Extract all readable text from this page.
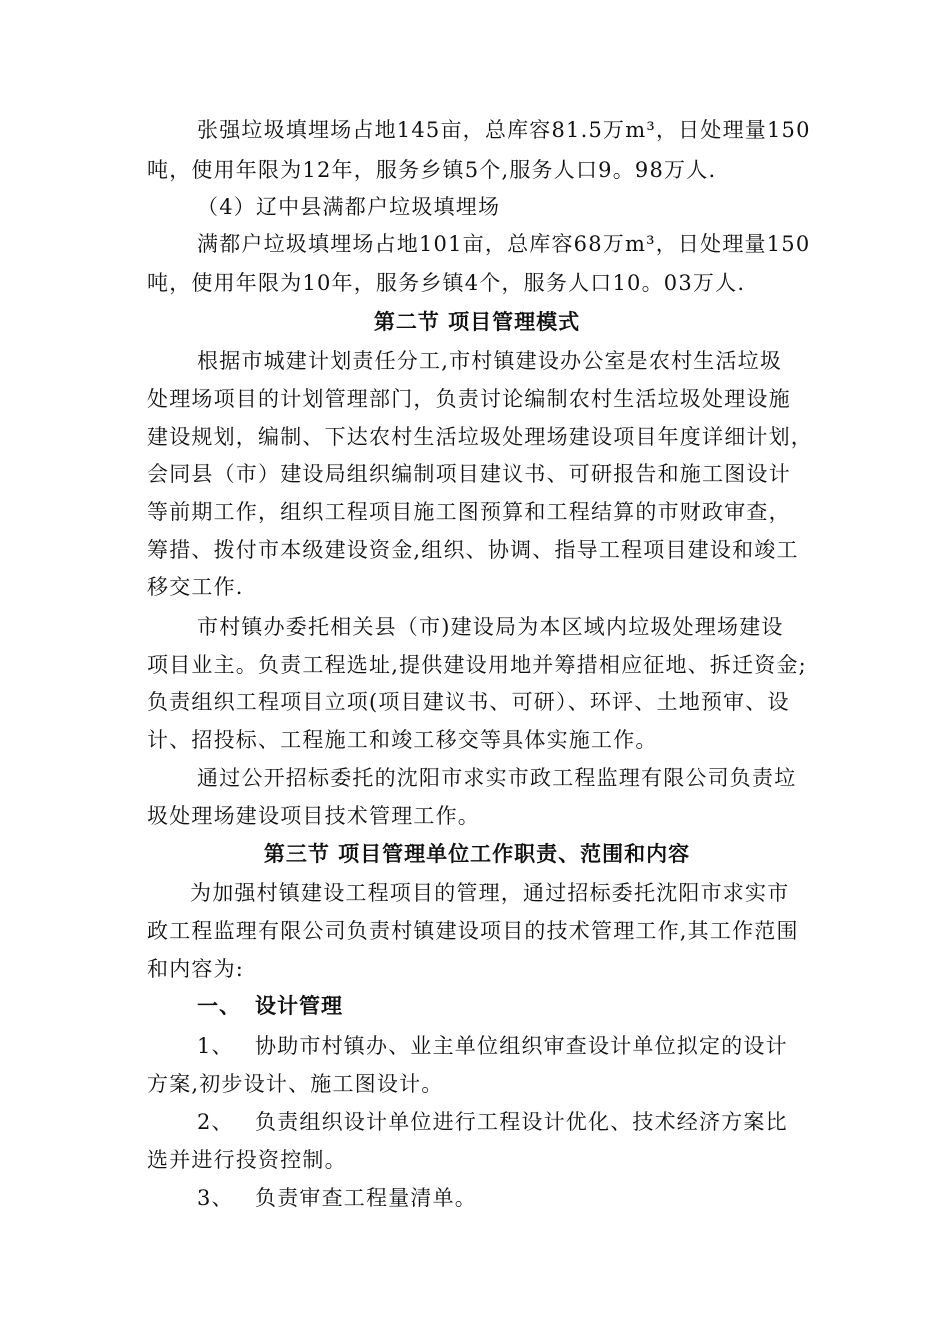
张强垃圾填埋场占地145亩，总库容81.5万m³，日处理量150
吨，使用年限为12年，服务乡镇5个,服务人口9。98万人.
（4）辽中县满都户垃圾填埋场
满都户垃圾填埋场占地101亩，总库容68万m³，日处理量150
吨，使用年限为10年，服务乡镇4个，服务人口10。03万人.
第二节 项目管理模式
根据市城建计划责任分工,市村镇建设办公室是农村生活垃圾
处理场项目的计划管理部门，负责讨论编制农村生活垃圾处理设施
建设规划，编制、下达农村生活垃圾处理场建设项目年度详细计划，
会同县（市）建设局组织编制项目建议书、可研报告和施工图设计
等前期工作，组织工程项目施工图预算和工程结算的市财政审查，
筹措、拨付市本级建设资金,组织、协调、指导工程项目建设和竣工
移交工作.
市村镇办委托相关县（市)建设局为本区域内垃圾处理场建设
项目业主。负责工程选址,提供建设用地并筹措相应征地、拆迁资金;
负责组织工程项目立项(项目建议书、可研）、环评、土地预审、设
计、招投标、工程施工和竣工移交等具体实施工作。
通过公开招标委托的沈阳市求实市政工程监理有限公司负责垃
圾处理场建设项目技术管理工作。
第三节 项目管理单位工作职责、范围和内容
为加强村镇建设工程项目的管理，通过招标委托沈阳市求实市
政工程监理有限公司负责村镇建设项目的技术管理工作,其工作范围
和内容为:
一、 设计管理
1、 协助市村镇办、业主单位组织审查设计单位拟定的设计
方案,初步设计、施工图设计。
2、 负责组织设计单位进行工程设计优化、技术经济方案比
选并进行投资控制。
3、 负责审查工程量清单。
